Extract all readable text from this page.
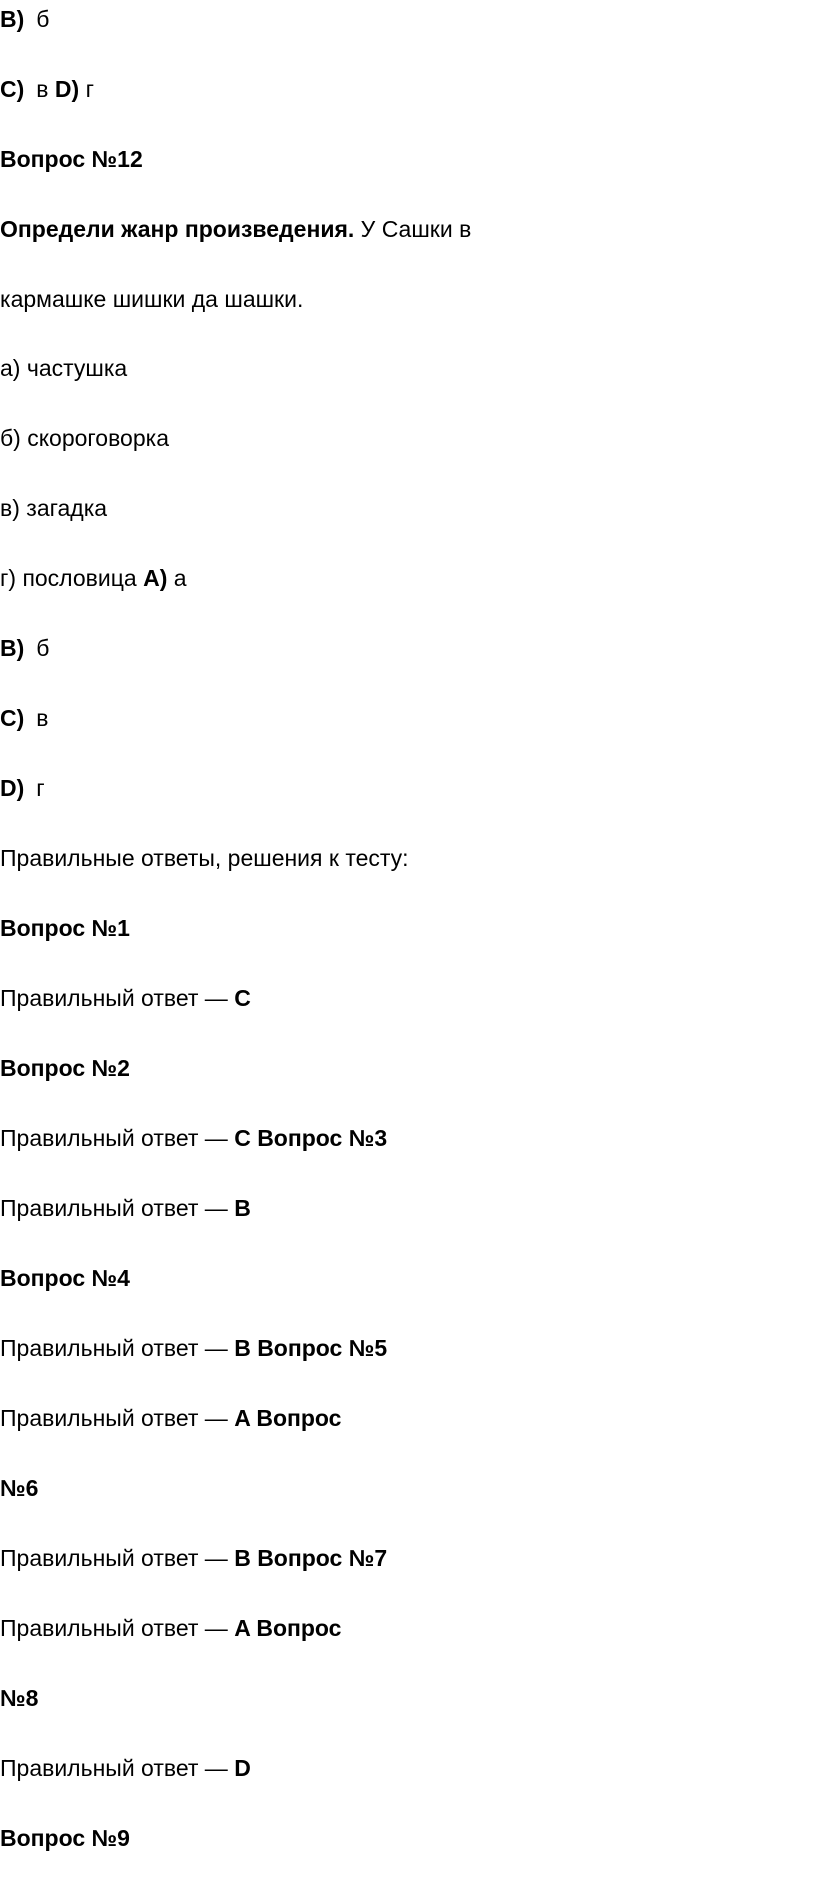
B) б
C) в D) г
Вопрос №12
Определи жанр произведения. У Сашки в
кармашке шишки да шашки.
а) частушка
б) скороговорка
в) загадка
г) пословица A) а
B) б
C) в
D) г
Правильные ответы, решения к тесту:
Вопрос №1
Правильный ответ — C
Вопрос №2
Правильный ответ — C Вопрос №3
Правильный ответ — B
Вопрос №4
Правильный ответ — B Вопрос №5
Правильный ответ — A Вопрос
№6
Правильный ответ — B Вопрос №7
Правильный ответ — A Вопрос
№8
Правильный ответ — D
Вопрос №9
